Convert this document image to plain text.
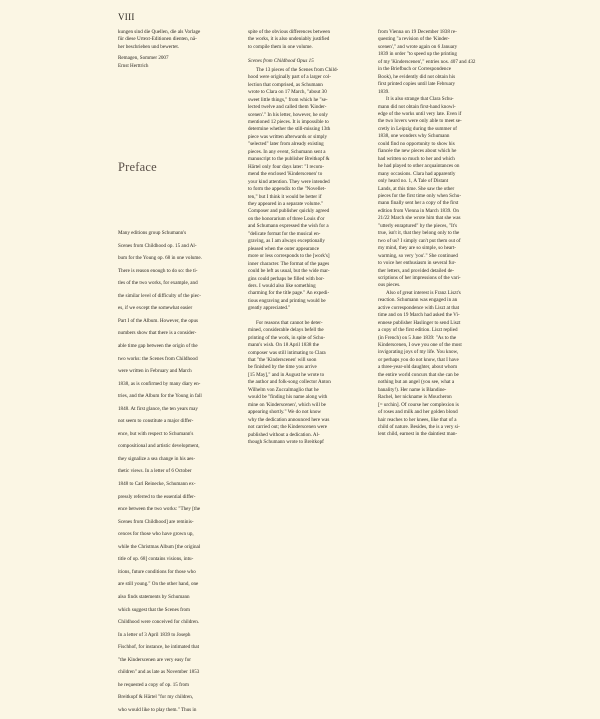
VIII

kungen sind die Quellen, die als Vorlage

für diese Urtext-Editionen dienten, nä-

her beschrieben und bewertet.

Remagen, Sommer 2007

Ernst Herttrich

Preface

Many editions group Schumann's

Scenes from Childhood op. 15 and Al-

bum for the Young op. 68 in one volume.

There is reason enough to do so: the ti-

tles of the two works, for example, and

the similar level of difficulty of the piec-

es, if we except the somewhat easier

Part I of the Album. However, the opus

numbers show that there is a consider-

able time gap between the origin of the

two works: the Scenes from Childhood

were written in February and March

1838, as is confirmed by many diary en-

tries, and the Album for the Young in fall

1848. At first glance, the ten years may

not seem to constitute a major differ-

ence, but with respect to Schumann's

compositional and artistic development,

they signalize a sea change in his aes-

thetic views. In a letter of 6 October

1848 to Carl Reinecke, Schumann ex-

pressly referred to the essential differ-

ence between the two works: "They [the

Scenes from Childhood] are reminis-

cences for those who have grown up,

while the Christmas Album [the original

title of op. 68] contains visions, intu-

itions, future conditions for those who

are still young." On the other hand, one

also finds statements by Schumann

which suggest that the Scenes from

Childhood were conceived for children.

In a letter of 3 April 1839 to Joseph

Fischhof, for instance, he intimated that

"the Kinderscenen are very easy for

children" and as late as November 1853

he requested a copy of op. 15 from

Breitkopf & Härtel "for my children,

who would like to play them." Thus in

spite of the obvious differences between

the works, it is also undeniably justified

to compile them in one volume.

Scenes from Childhood Opus 15

The 13 pieces of the Scenes from Child-

hood were originally part of a larger col-

lection that comprised, as Schumann

wrote to Clara on 17 March, "about 30

sweet little things," from which he "se-

lected twelve and called them 'Kinder-

scenen'." In his letter, however, he only

mentioned 12 pieces. It is impossible to

determine whether the still-missing 13th

piece was written afterwards or simply

"selected" later from already existing

pieces. In any event, Schumann sent a

manuscript to the publisher Breitkopf &

Härtel only four days later: "I recom-

mend the enclosed 'Kinderscenen' to

your kind attention. They were intended

to form the appendix to the "Novellet-

ten," but I think it would be better if

they appeared in a separate volume."

Composer and publisher quickly agreed

on the honorarium of three Louis d'or

and Schumann expressed the wish for a

"delicate format for the musical en-

graving, as I am always exceptionally

pleased when the outer appearance

more or less corresponds to the [work's]

inner character. The format of the pages

could be left as usual, but the wide mar-

gins could perhaps be filled with bor-

ders. I would also like something

charming for the title page." An expedi-

tious engraving and printing would be

greatly appreciated."

For reasons that cannot be deter-

mined, considerable delays befell the

printing of the work, in spite of Schu-

mann's wish. On 18 April 1838 the

composer was still intimating to Clara

that "the 'Kinderscenen' will soon

be finished by the time you arrive

[15 May]," and in August he wrote to

the author and folk-song collector Anton

Wilhelm von Zuccalmaglio that he

would be "finding his name along with

mine on 'Kinderscenen', which will be

appearing shortly." We do not know

why the dedication announced here was

not carried out; the Kinderscenen were

published without a dedication. Al-

though Schumann wrote to Breitkopf

from Vienna on 19 December 1838 re-

questing "a revision of the 'Kinder-

scenen'," and wrote again on 6 January

1839 in order "to speed up the printing

of my 'Kinderscenen'," entries nos. 407 and 432

in the Briefbuch or Correspondence

Book), he evidently did not obtain his

first printed copies until late February

1839.

It is also strange that Clara Schu-

mann did not obtain first-hand knowl-

edge of the works until very late. Even if

the two lovers were only able to meet se-

cretly in Leipzig during the summer of

1838, one wonders why Schumann

could find no opportunity to show his

fiancée the new pieces about which he

had written so much to her and which

he had played to other acquaintances on

many occasions. Clara had apparently

only heard no. 1, A Tale of Distant

Lands, at this time. She saw the other

pieces for the first time only when Schu-

mann finally sent her a copy of the first

edition from Vienna in March 1839. On

21/22 March she wrote him that she was

"utterly enraptured" by the pieces, "It's

true, isn't it, that they belong only to the

two of us? I simply can't put them out of

my mind, they are so simple, so heart-

warming, so very 'you'." She continued

to voice her enthusiasm in several fur-

ther letters, and provided detailed de-

scriptions of her impressions of the vari-

ous pieces.

Also of great interest is Franz Liszt's

reaction. Schumann was engaged in an

active correspondence with Liszt at that

time and on 19 March had asked the Vi-

ennese publisher Haslinger to send Liszt

a copy of the first edition. Liszt replied

(in French) on 5 June 1839: "As to the

Kinderscenen, I owe you one of the most

invigorating joys of my life. You know,

or perhaps you do not know, that I have

a three-year-old daughter, about whom

the entire world concurs that she can be

nothing but an angel (you see, what a

banality!). Her name is Blandine-

Rachel, her nickname is Moucheron

[= urchin]. Of course her complexion is

of roses and milk and her golden blond

hair reaches to her knees, like that of a

child of nature. Besides, the is a very si-

lent child, earnest in the daintiest man-
